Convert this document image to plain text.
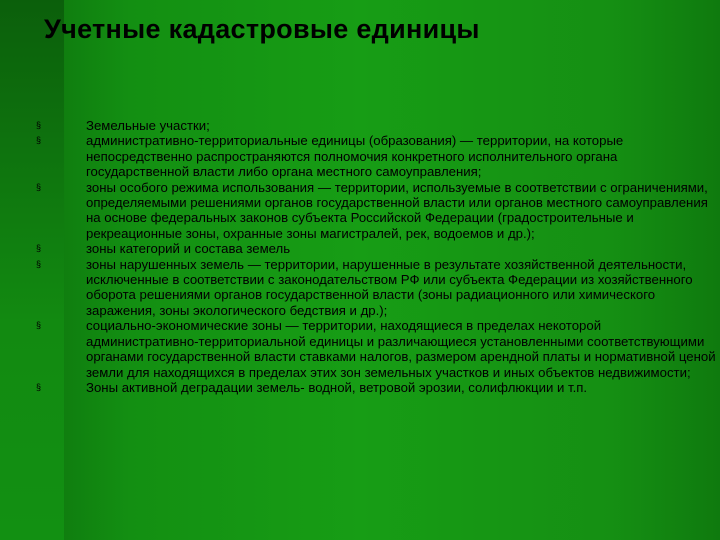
Учетные кадастровые единицы
§	Земельные участки;
§	административно-территориальные единицы (образования) — территории, на которые непосредственно распространяются полномочия конкретного исполнительного органа государственной власти либо органа местного самоуправления;
§	зоны особого режима использования — территории, используемые в соответствии с ограничениями, определяемыми решениями органов государственной власти или органов местного самоуправления на основе федеральных законов субъекта Российской Федерации (градостроительные и рекреационные зоны, охранные зоны магистралей, рек, водоемов и др.);
§	зоны категорий и состава земель
§	зоны нарушенных земель — территории, нарушенные в результате хозяйственной деятельности, исключенные в соответствии с законодательством РФ или субъекта Федерации из хозяйственного оборота решениями органов государственной власти (зоны радиационного или химического заражения, зоны экологического бедствия и др.);
§	социально-экономические зоны — территории, находящиеся в пределах некоторой административно-территориальной единицы и различающиеся установленными соответствующими органами государственной власти ставками налогов, размером арендной платы и нормативной ценой земли для находящихся в пределах этих зон земельных участков и иных объектов недвижимости;
§	Зоны активной деградации земель- водной, ветровой эрозии, солифлюкции и т.п.
